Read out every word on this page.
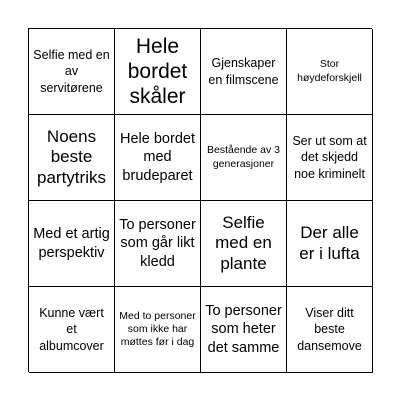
Selfie med en av servitørene
Hele bordet skåler
Gjenskaper en filmscene
Stor høydeforskjell
Noens beste partytriks
Hele bordet med brudeparet
Bestående av 3 generasjoner
Ser ut som at det skjedd noe kriminelt
Med et artig perspektiv
To personer som går likt kledd
Selfie med en plante
Der alle er i lufta
Kunne vært et albumcover
Med to personer som ikke har møttes før i dag
To personer som heter det samme
Viser ditt beste dansemove
